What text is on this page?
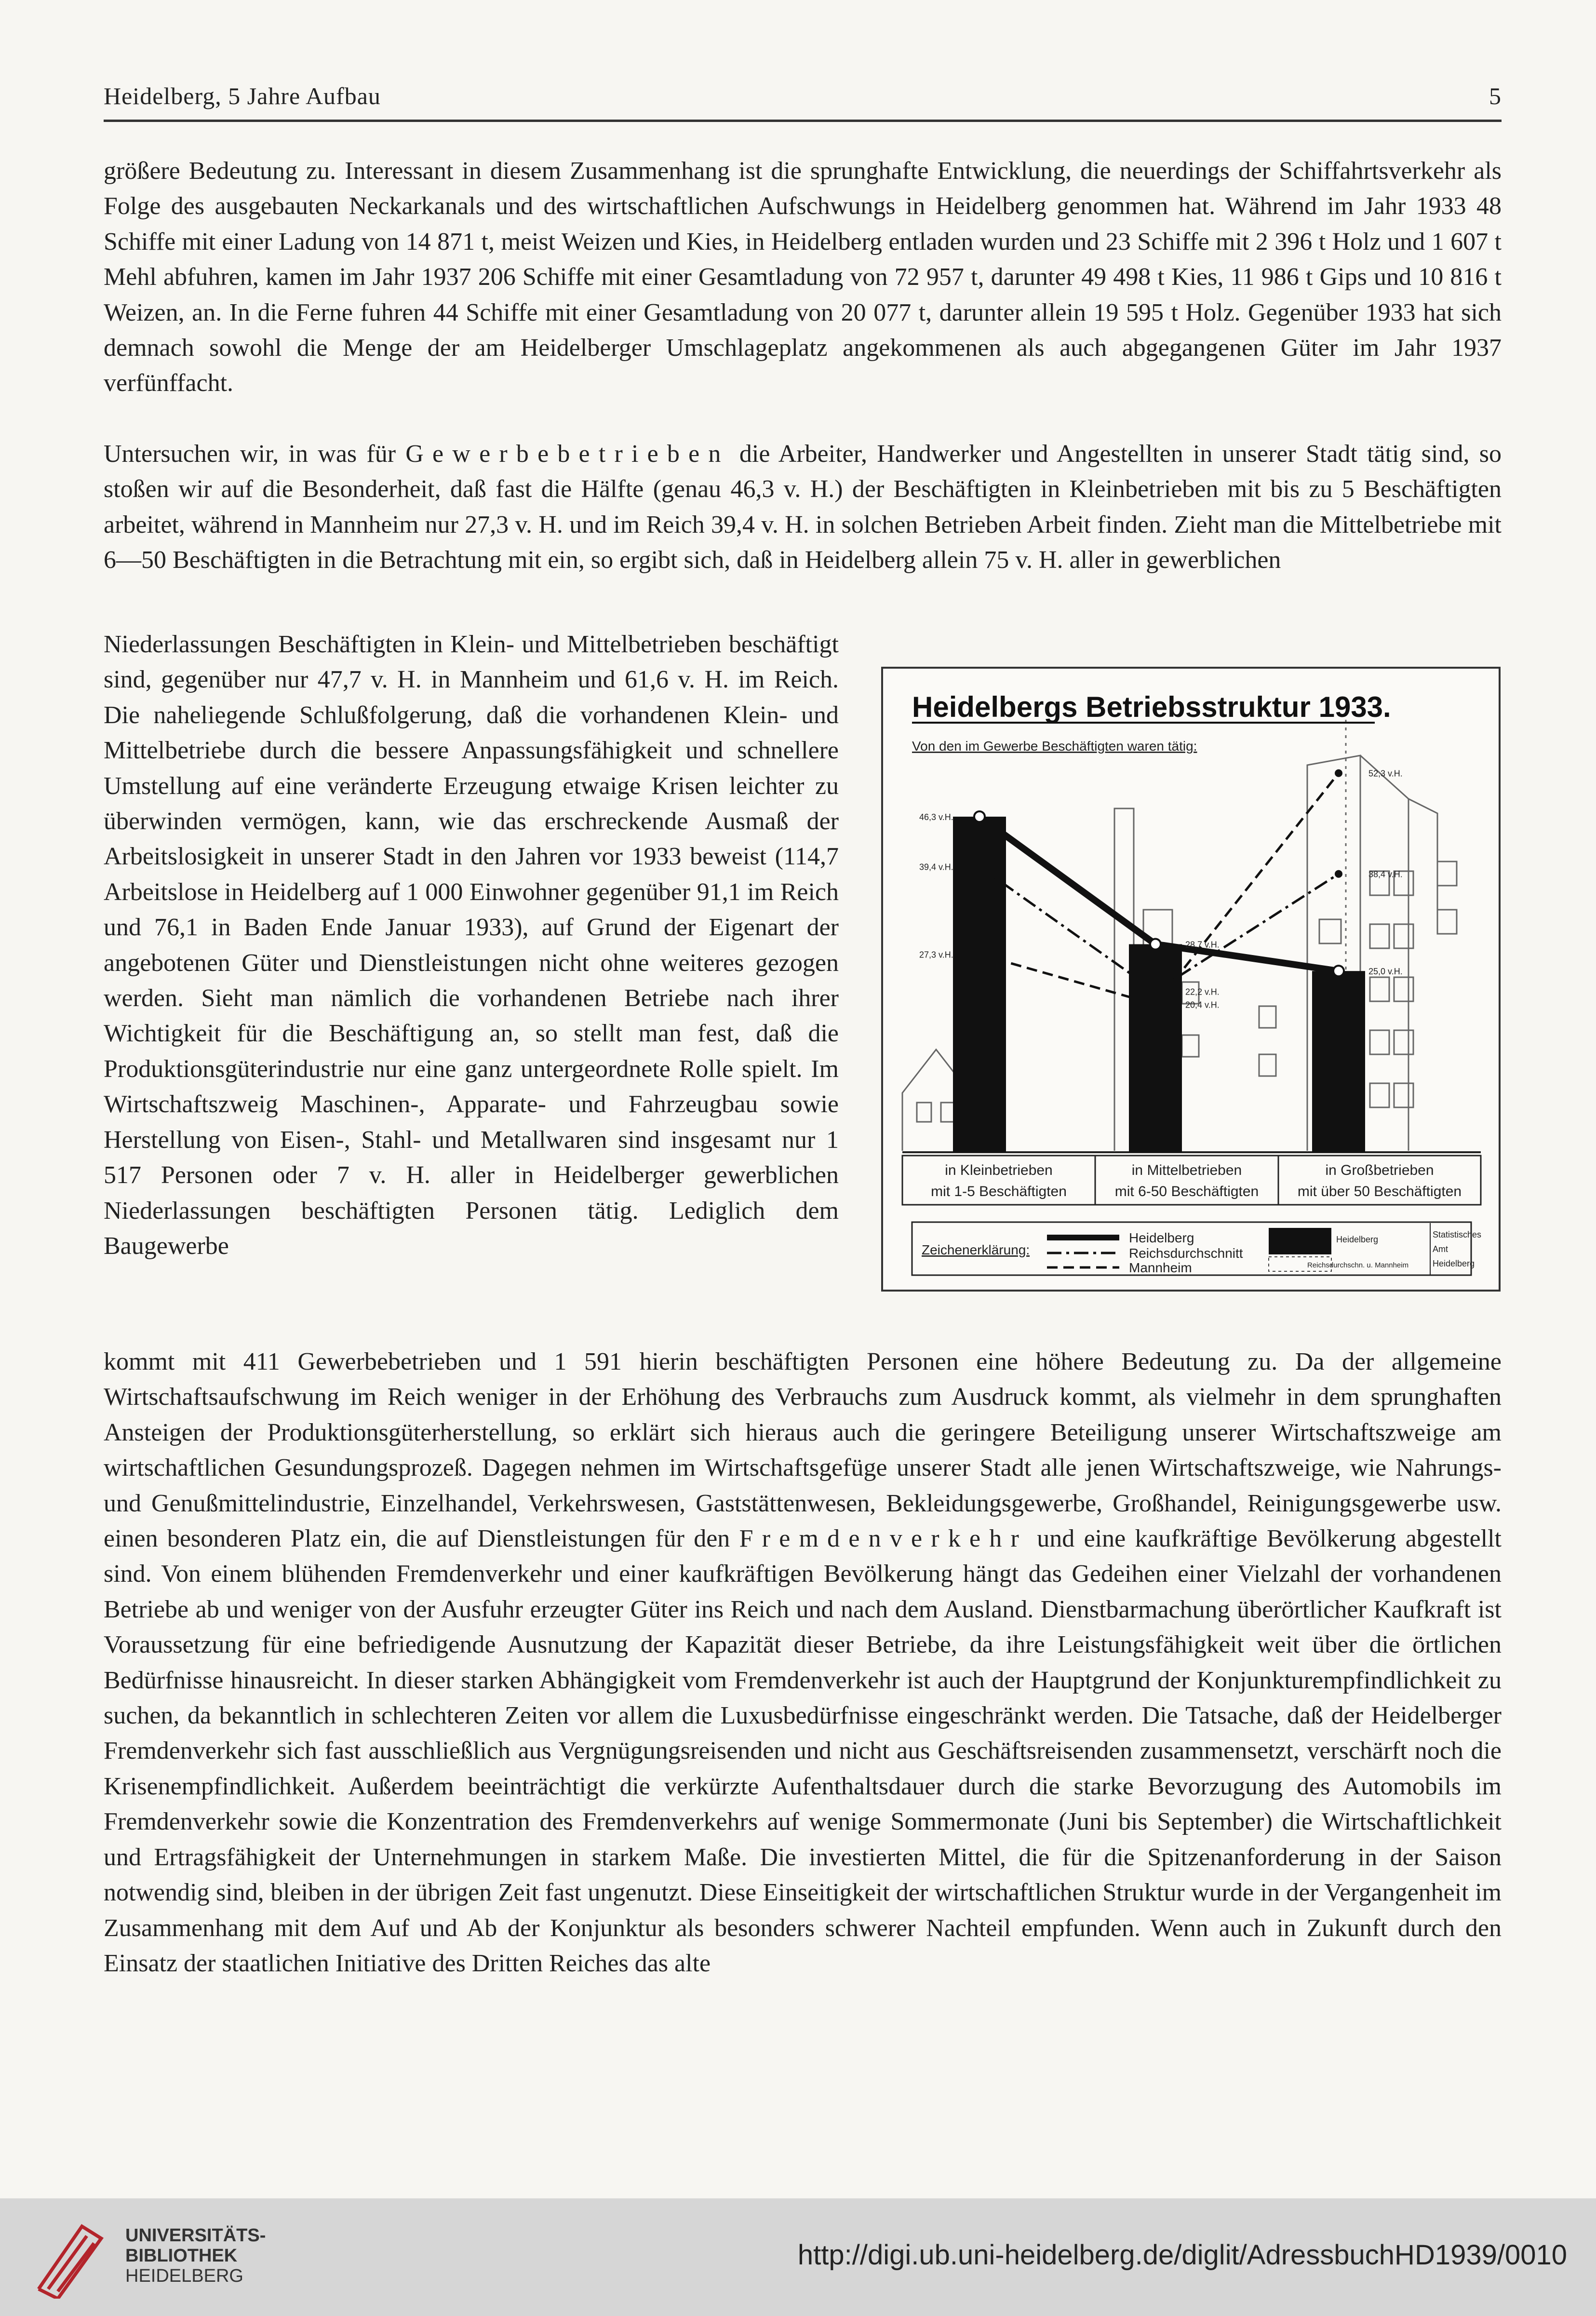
Heidelberg, 5 Jahre Aufbau	5

größere Bedeutung zu. Interessant in diesem Zusammenhang ist die sprunghafte Entwicklung, die neuerdings der Schiffahrtsverkehr als Folge des ausgebauten Neckarkanals und des wirtschaftlichen Aufschwungs in Heidelberg genommen hat. Während im Jahr 1933 48 Schiffe mit einer Ladung von 14 871 t, meist Weizen und Kies, in Heidelberg entladen wurden und 23 Schiffe mit 2 396 t Holz und 1 607 t Mehl abfuhren, kamen im Jahr 1937 206 Schiffe mit einer Gesamtladung von 72 957 t, darunter 49 498 t Kies, 11 986 t Gips und 10 816 t Weizen, an. In die Ferne fuhren 44 Schiffe mit einer Gesamtladung von 20 077 t, darunter allein 19 595 t Holz. Gegenüber 1933 hat sich demnach sowohl die Menge der am Heidelberger Umschlageplatz angekommenen als auch abgegangenen Güter im Jahr 1937 verfünffacht.

Untersuchen wir, in was für Gewerbebetrieben die Arbeiter, Handwerker und Angestellten in unserer Stadt tätig sind, so stoßen wir auf die Besonderheit, daß fast die Hälfte (genau 46,3 v. H.) der Beschäftigten in Kleinbetrieben mit bis zu 5 Beschäftigten arbeitet, während in Mannheim nur 27,3 v. H. und im Reich 39,4 v. H. in solchen Betrieben Arbeit finden. Zieht man die Mittelbetriebe mit 6—50 Beschäftigten in die Betrachtung mit ein, so ergibt sich, daß in Heidelberg allein 75 v. H. aller in gewerblichen

Niederlassungen Beschäftigten in Klein- und Mittelbetrieben beschäftigt sind, gegenüber nur 47,7 v. H. in Mannheim und 61,6 v. H. im Reich. Die naheliegende Schlußfolgerung, daß die vorhandenen Klein- und Mittelbetriebe durch die bessere Anpassungsfähigkeit und schnellere Umstellung auf eine veränderte Erzeugung etwaige Krisen leichter zu überwinden vermögen, kann, wie das erschreckende Ausmaß der Arbeitslosigkeit in unserer Stadt in den Jahren vor 1933 beweist (114,7 Arbeitslose in Heidelberg auf 1 000 Einwohner gegenüber 91,1 im Reich und 76,1 in Baden Ende Januar 1933), auf Grund der Eigenart der angebotenen Güter und Dienstleistungen nicht ohne weiteres gezogen werden. Sieht man nämlich die vorhandenen Betriebe nach ihrer Wichtigkeit für die Beschäftigung an, so stellt man fest, daß die Produktionsgüterindustrie nur eine ganz untergeordnete Rolle spielt. Im Wirtschaftszweig Maschinen-, Apparate- und Fahrzeugbau sowie Herstellung von Eisen-, Stahl- und Metallwaren sind insgesamt nur 1 517 Personen oder 7 v. H. aller in Heidelberger gewerblichen Niederlassungen beschäftigten Personen tätig. Lediglich dem Baugewerbe

46,3 v.H.
28,7 v.H.
25,0 v.H.
39,4 v.H.
22,2 v.H.
38,4 v.H.
27,3 v.H.
20,4 v.H.
52,3 v.H.
Heidelbergs Betriebsstruktur 1933.
Von den im Gewerbe Beschäftigten waren tätig:
in Kleinbetrieben
mit 1-5 Beschäftigten
in Mittelbetrieben
mit 6-50 Beschäftigten
in Großbetrieben
mit über 50 Beschäftigten
Zeichenerklärung:
Heidelberg
Reichsdurchschnitt
Mannheim
Heidelberg
Reichsdurchschn. u. Mannheim
Statistisches
Amt
Heidelberg

kommt mit 411 Gewerbebetrieben und 1 591 hierin beschäftigten Personen eine höhere Bedeutung zu. Da der allgemeine Wirtschaftsaufschwung im Reich weniger in der Erhöhung des Verbrauchs zum Ausdruck kommt, als vielmehr in dem sprunghaften Ansteigen der Produktionsgüterherstellung, so erklärt sich hieraus auch die geringere Beteiligung unserer Wirtschaftszweige am wirtschaftlichen Gesundungsprozeß. Dagegen nehmen im Wirtschaftsgefüge unserer Stadt alle jenen Wirtschaftszweige, wie Nahrungs- und Genußmittelindustrie, Einzelhandel, Verkehrswesen, Gaststättenwesen, Bekleidungsgewerbe, Großhandel, Reinigungsgewerbe usw. einen besonderen Platz ein, die auf Dienstleistungen für den Fremdenverkehr und eine kaufkräftige Bevölkerung abgestellt sind. Von einem blühenden Fremdenverkehr und einer kaufkräftigen Bevölkerung hängt das Gedeihen einer Vielzahl der vorhandenen Betriebe ab und weniger von der Ausfuhr erzeugter Güter ins Reich und nach dem Ausland. Dienstbarmachung überörtlicher Kaufkraft ist Voraussetzung für eine befriedigende Ausnutzung der Kapazität dieser Betriebe, da ihre Leistungsfähigkeit weit über die örtlichen Bedürfnisse hinausreicht. In dieser starken Abhängigkeit vom Fremdenverkehr ist auch der Hauptgrund der Konjunkturempfindlichkeit zu suchen, da bekanntlich in schlechteren Zeiten vor allem die Luxusbedürfnisse eingeschränkt werden. Die Tatsache, daß der Heidelberger Fremdenverkehr sich fast ausschließlich aus Vergnügungsreisenden und nicht aus Geschäftsreisenden zusammensetzt, verschärft noch die Krisenempfindlichkeit. Außerdem beeinträchtigt die verkürzte Aufenthaltsdauer durch die starke Bevorzugung des Automobils im Fremdenverkehr sowie die Konzentration des Fremdenverkehrs auf wenige Sommermonate (Juni bis September) die Wirtschaftlichkeit und Ertragsfähigkeit der Unternehmungen in starkem Maße. Die investierten Mittel, die für die Spitzenanforderung in der Saison notwendig sind, bleiben in der übrigen Zeit fast ungenutzt. Diese Einseitigkeit der wirtschaftlichen Struktur wurde in der Vergangenheit im Zusammenhang mit dem Auf und Ab der Konjunktur als besonders schwerer Nachteil empfunden. Wenn auch in Zukunft durch den Einsatz der staatlichen Initiative des Dritten Reiches das alte

UNIVERSITÄTS-
BIBLIOTHEK
HEIDELBERG
http://digi.ub.uni-heidelberg.de/diglit/AdressbuchHD1939/0010
